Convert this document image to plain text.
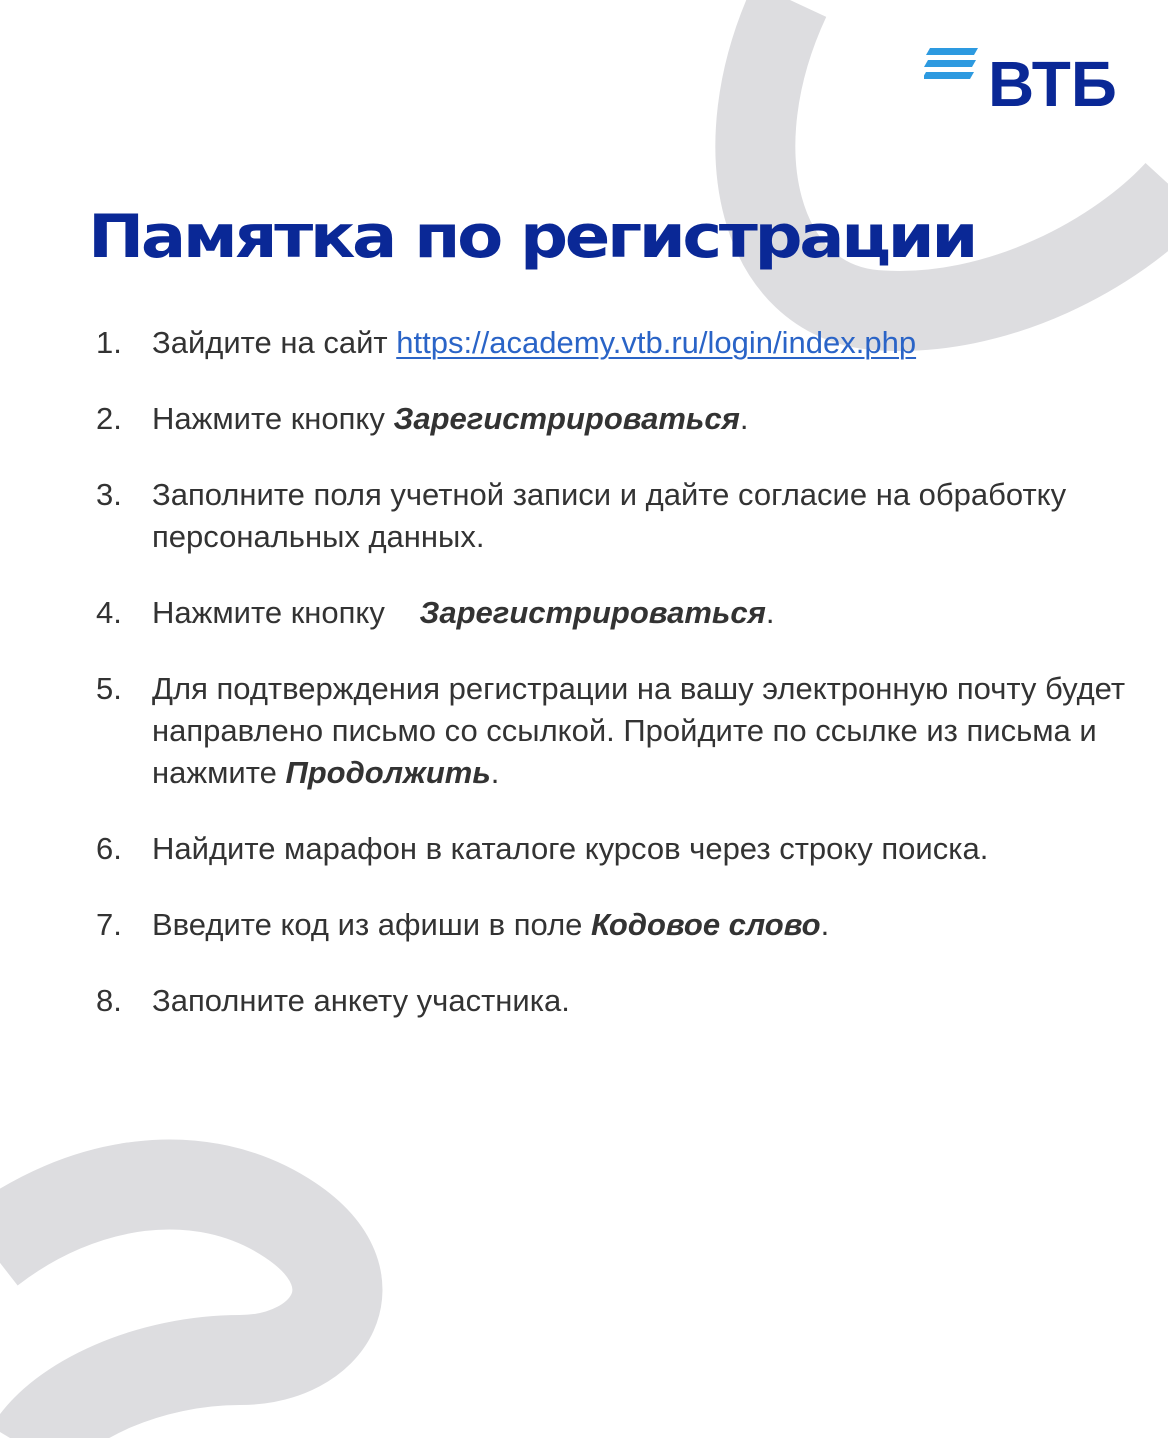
ВТБ
Памятка по регистрации
1. Зайдите на сайт https://academy.vtb.ru/login/index.php
2. Нажмите кнопку Зарегистрироваться.
3. Заполните поля учетной записи и дайте согласие на обработку персональных данных.
4. Нажмите кнопку Зарегистрироваться.
5. Для подтверждения регистрации на вашу электронную почту будет направлено письмо со ссылкой. Пройдите по ссылке из письма и нажмите Продолжить.
6. Найдите марафон в каталоге курсов через строку поиска.
7. Введите код из афиши в поле Кодовое слово.
8. Заполните анкету участника.
